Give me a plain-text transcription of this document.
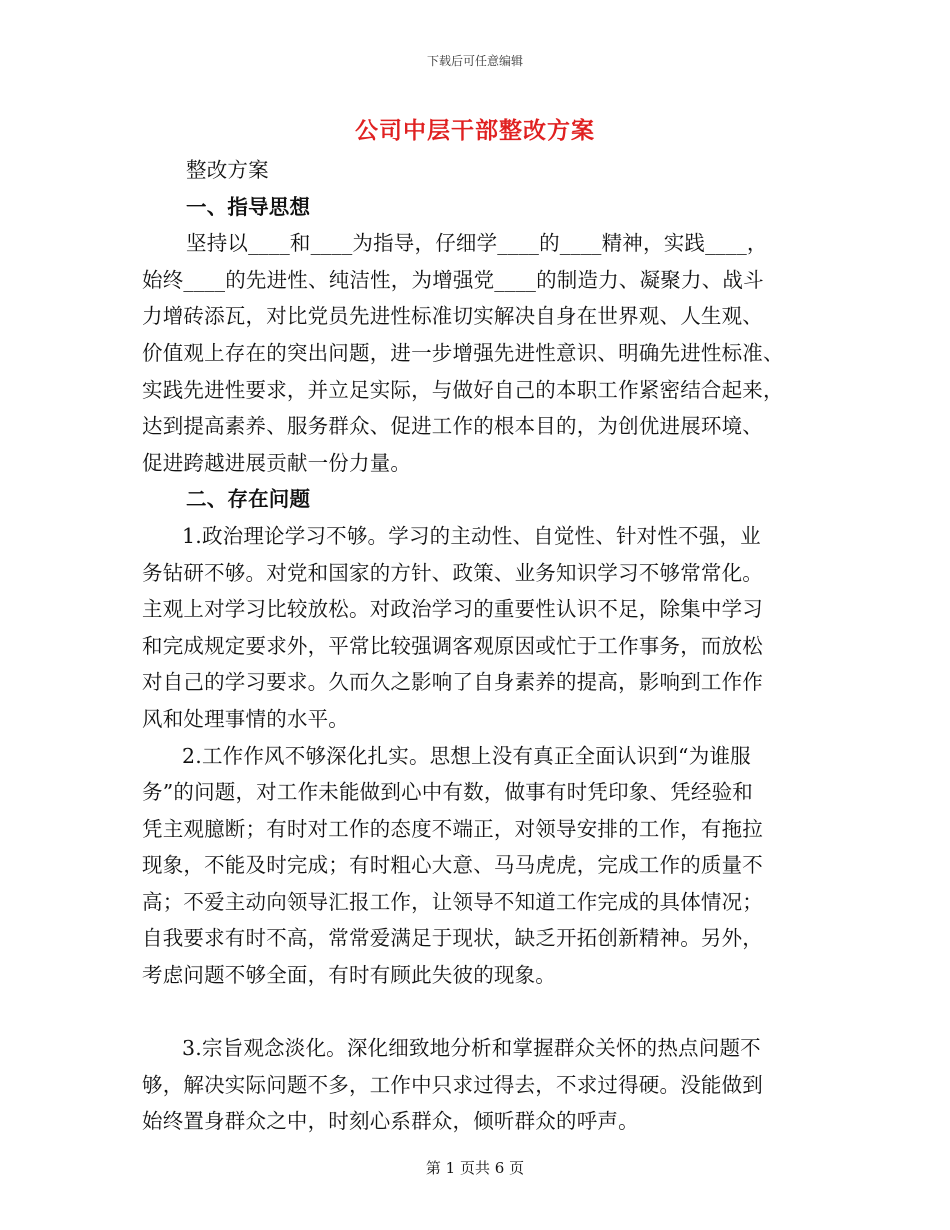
下载后可任意编辑
公司中层干部整改方案
整改方案
一、指导思想
坚持以____和____为指导，仔细学____的____精神，实践____，
始终____的先进性、纯洁性，为增强党____的制造力、凝聚力、战斗
力增砖添瓦，对比党员先进性标准切实解决自身在世界观、人生观、
价值观上存在的突出问题，进一步增强先进性意识、明确先进性标准、
实践先进性要求，并立足实际，与做好自己的本职工作紧密结合起来，
达到提高素养、服务群众、促进工作的根本目的，为创优进展环境、
促进跨越进展贡献一份力量。
二、存在问题
1.政治理论学习不够。学习的主动性、自觉性、针对性不强，业
务钻研不够。对党和国家的方针、政策、业务知识学习不够常常化。
主观上对学习比较放松。对政治学习的重要性认识不足，除集中学习
和完成规定要求外，平常比较强调客观原因或忙于工作事务，而放松
对自己的学习要求。久而久之影响了自身素养的提高，影响到工作作
风和处理事情的水平。
2.工作作风不够深化扎实。思想上没有真正全面认识到“为谁服
务”的问题，对工作未能做到心中有数，做事有时凭印象、凭经验和
凭主观臆断；有时对工作的态度不端正，对领导安排的工作，有拖拉
现象，不能及时完成；有时粗心大意、马马虎虎，完成工作的质量不
高；不爱主动向领导汇报工作，让领导不知道工作完成的具体情况；
自我要求有时不高，常常爱满足于现状，缺乏开拓创新精神。另外，
考虑问题不够全面，有时有顾此失彼的现象。
3.宗旨观念淡化。深化细致地分析和掌握群众关怀的热点问题不
够，解决实际问题不多，工作中只求过得去，不求过得硬。没能做到
始终置身群众之中，时刻心系群众，倾听群众的呼声。
第 1 页共 6 页
